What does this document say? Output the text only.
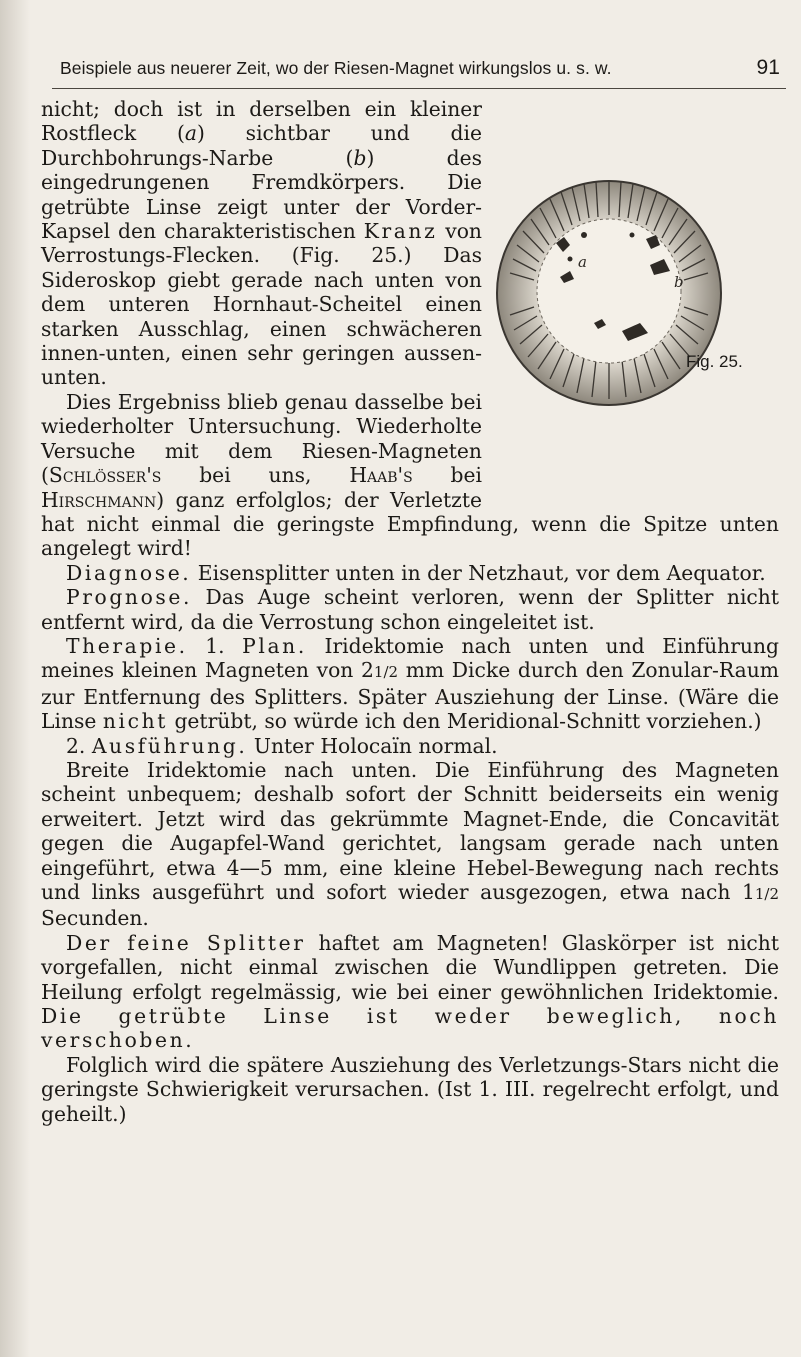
Beispiele aus neuerer Zeit, wo der Riesen-Magnet wirkungslos u. s. w.	91
a
b
Fig. 25.

nicht; doch ist in derselben ein kleiner Rostfleck (a) sichtbar und die Durchbohrungs-Narbe (b) des eingedrungenen Fremdkörpers. Die getrübte Linse zeigt unter der Vorder-Kapsel den charakteristischen Kranz von Verrostungs-Flecken. (Fig. 25.) Das Sideroskop giebt gerade nach unten von dem unteren Hornhaut-Scheitel einen starken Ausschlag, einen schwächeren innen-unten, einen sehr geringen aussen-unten.

Dies Ergebniss blieb genau dasselbe bei wiederholter Untersuchung. Wiederholte Versuche mit dem Riesen-Magneten (Schlösser's bei uns, Haab's bei Hirschmann) ganz erfolglos; der Verletzte hat nicht einmal die geringste Empfindung, wenn die Spitze unten angelegt wird!

Diagnose. Eisensplitter unten in der Netzhaut, vor dem Aequator.

Prognose. Das Auge scheint verloren, wenn der Splitter nicht entfernt wird, da die Verrostung schon eingeleitet ist.

Therapie. 1. Plan. Iridektomie nach unten und Einführung meines kleinen Magneten von 21/2 mm Dicke durch den Zonular-Raum zur Entfernung des Splitters. Später Ausziehung der Linse. (Wäre die Linse nicht getrübt, so würde ich den Meridional-Schnitt vorziehen.)

2. Ausführung. Unter Holocaïn normal.

Breite Iridektomie nach unten. Die Einführung des Magneten scheint unbequem; deshalb sofort der Schnitt beiderseits ein wenig erweitert. Jetzt wird das gekrümmte Magnet-Ende, die Concavität gegen die Augapfel-Wand gerichtet, langsam gerade nach unten eingeführt, etwa 4—5 mm, eine kleine Hebel-Bewegung nach rechts und links ausgeführt und sofort wieder ausgezogen, etwa nach 11/2 Secunden.

Der feine Splitter haftet am Magneten! Glaskörper ist nicht vorgefallen, nicht einmal zwischen die Wundlippen getreten. Die Heilung erfolgt regelmässig, wie bei einer gewöhnlichen Iridektomie. Die getrübte Linse ist weder beweglich, noch verschoben.

Folglich wird die spätere Ausziehung des Verletzungs-Stars nicht die geringste Schwierigkeit verursachen. (Ist 1. III. regelrecht erfolgt, und geheilt.)
